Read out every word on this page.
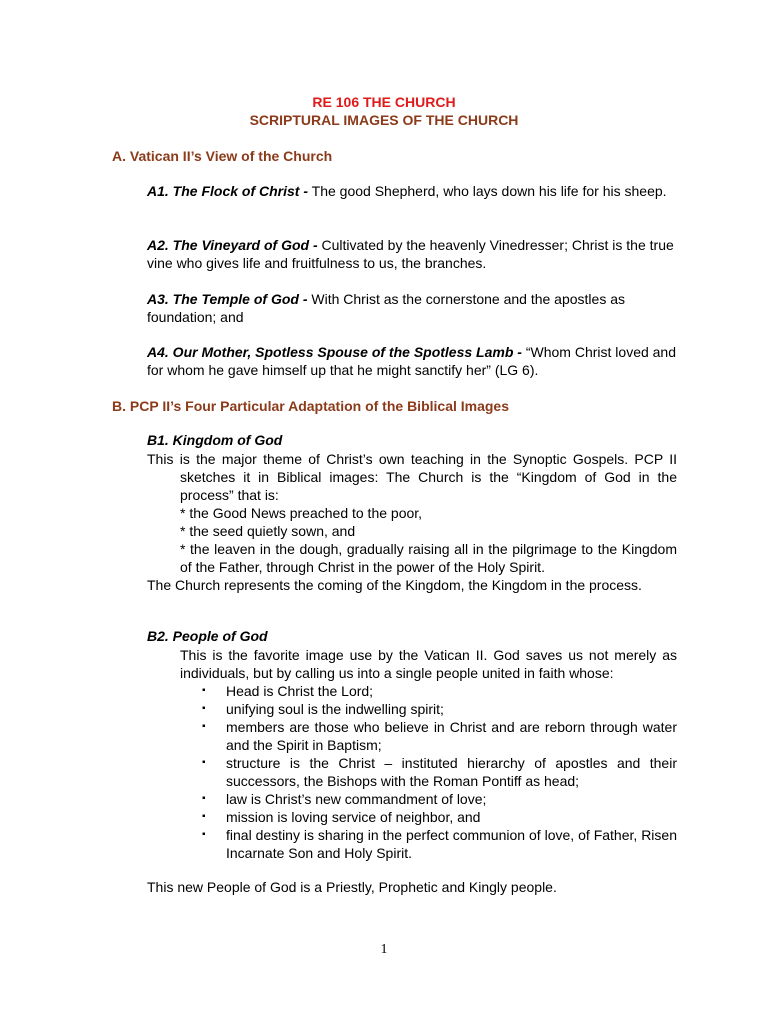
RE 106 THE CHURCH
SCRIPTURAL IMAGES OF THE CHURCH
A. Vatican II’s View of the Church
A1. The Flock of Christ - The good Shepherd, who lays down his life for his sheep.
A2. The Vineyard of God - Cultivated by the heavenly Vinedresser; Christ is the true vine who gives life and fruitfulness to us, the branches.
A3. The Temple of God - With Christ as the cornerstone and the apostles as foundation; and
A4. Our Mother, Spotless Spouse of the Spotless Lamb - “Whom Christ loved and for whom he gave himself up that he might sanctify her” (LG 6).
B. PCP II’s Four Particular Adaptation of the Biblical Images
B1. Kingdom of God
This is the major theme of Christ’s own teaching in the Synoptic Gospels. PCP II sketches it in Biblical images: The Church is the “Kingdom of God in the process” that is:
* the Good News preached to the poor,
* the seed quietly sown, and
* the leaven in the dough, gradually raising all in the pilgrimage to the Kingdom of the Father, through Christ in the power of the Holy Spirit.
The Church represents the coming of the Kingdom, the Kingdom in the process.
B2. People of God
This is the favorite image use by the Vatican II. God saves us not merely as individuals, but by calling us into a single people united in faith whose:
▪ Head is Christ the Lord;
▪ unifying soul is the indwelling spirit;
▪ members are those who believe in Christ and are reborn through water and the Spirit in Baptism;
▪ structure is the Christ – instituted hierarchy of apostles and their successors, the Bishops with the Roman Pontiff as head;
▪ law is Christ’s new commandment of love;
▪ mission is loving service of neighbor, and
▪ final destiny is sharing in the perfect communion of love, of Father, Risen Incarnate Son and Holy Spirit.
This new People of God is a Priestly, Prophetic and Kingly people.
1
